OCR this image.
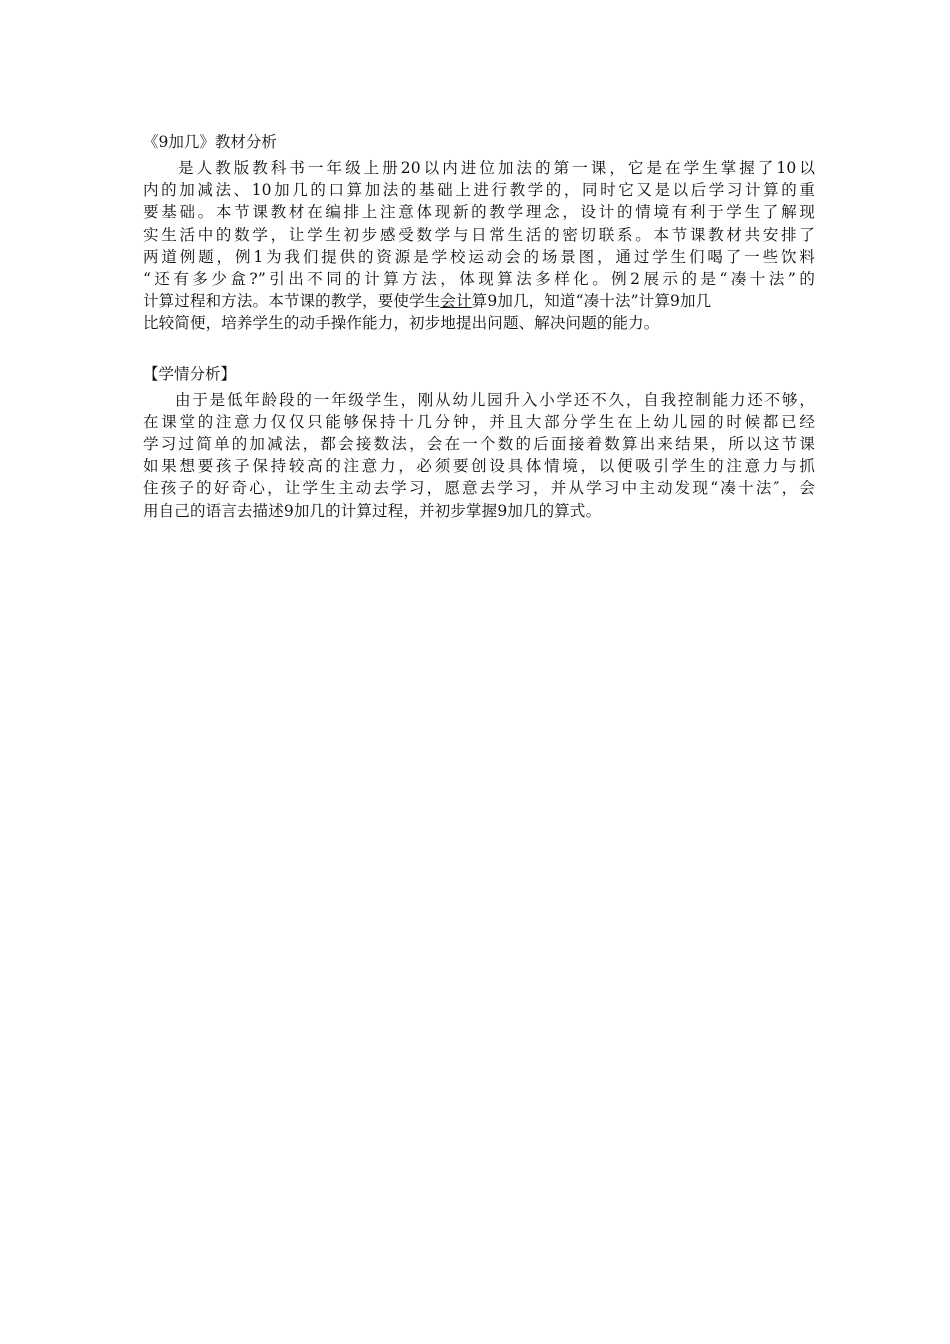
《9加几》教材分析
是人教版教科书一年级上册20以内进位加法的第一课，它是在学生掌握了10以
内的加减法、10加几的口算加法的基础上进行教学的，同时它又是以后学习计算的重
要基础。本节课教材在编排上注意体现新的教学理念，设计的情境有利于学生了解现
实生活中的数学，让学生初步感受数学与日常生活的密切联系。本节课教材共安排了
两道例题，例1为我们提供的资源是学校运动会的场景图，通过学生们喝了一些饮料
“还有多少盒?”引出不同的计算方法，体现算法多样化。例2展示的是“凑十法”的
计算过程和方法。本节课的教学，要使学生会计算9加几，知道“凑十法”计算9加几
比较简便，培养学生的动手操作能力，初步地提出问题、解决问题的能力。
【学情分析】
由于是低年龄段的一年级学生，刚从幼儿园升入小学还不久，自我控制能力还不够，
在课堂的注意力仅仅只能够保持十几分钟，并且大部分学生在上幼儿园的时候都已经
学习过简单的加减法，都会接数法，会在一个数的后面接着数算出来结果，所以这节课
如果想要孩子保持较高的注意力，必须要创设具体情境，以便吸引学生的注意力与抓
住孩子的好奇心，让学生主动去学习，愿意去学习，并从学习中主动发现“凑十法″，会
用自己的语言去描述9加几的计算过程，并初步掌握9加几的算式。
